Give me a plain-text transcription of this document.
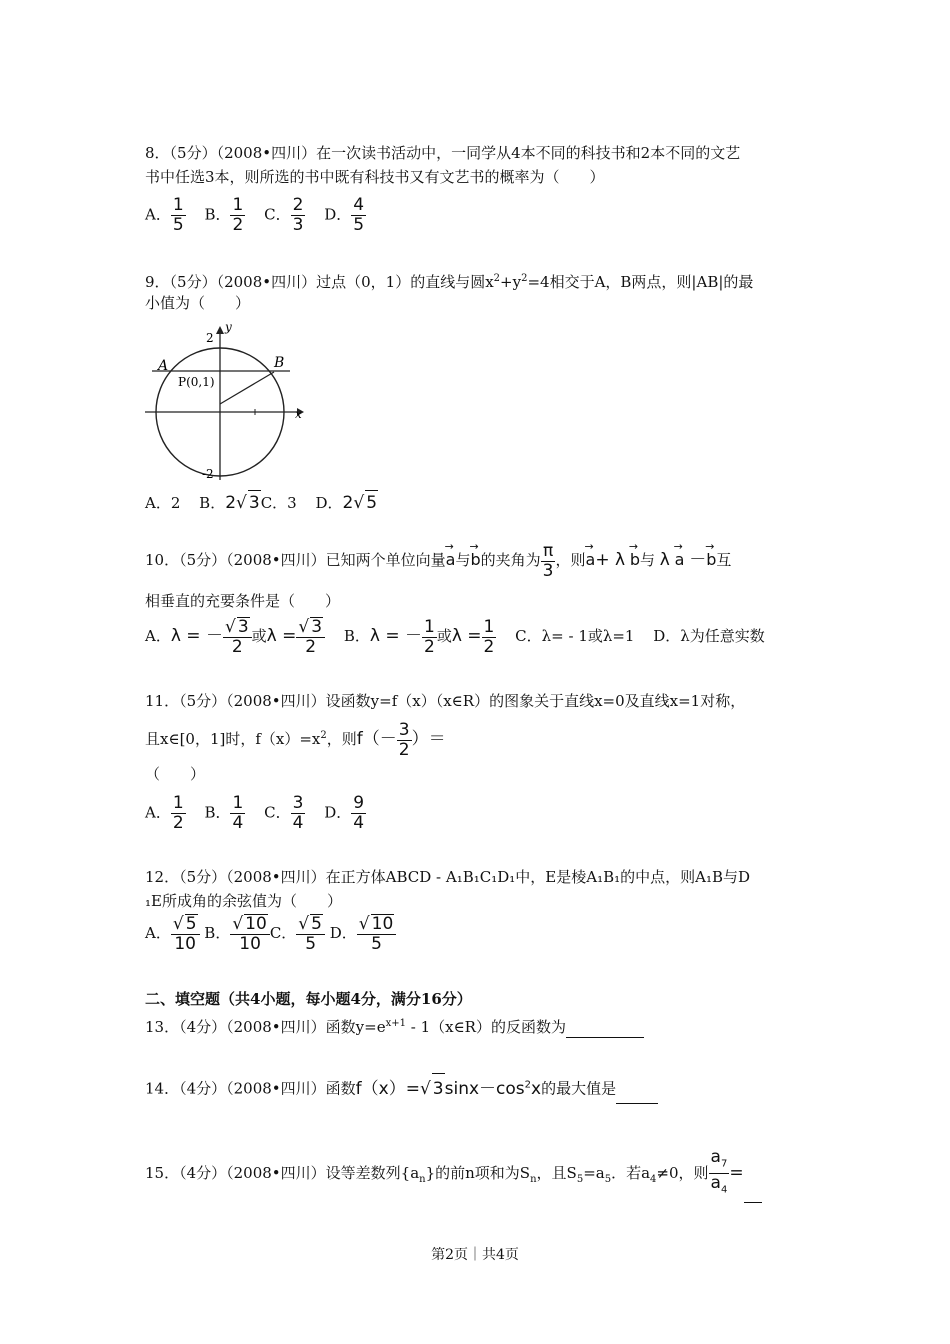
8．（5分）（2008•四川）在一次读书活动中，一同学从4本不同的科技书和2本不同的文艺
书中任选3本，则所选的书中既有科技书又有文艺书的概率为（　　）
A． $\frac{1}{5}$ B． $\frac{1}{2}$ C． $\frac{2}{3}$ D． $\frac{4}{5}$
9．（5分）（2008•四川）过点（0，1）的直线与圆$x^2+y^2=4$相交于A，B两点，则|AB|的最
小值为（　　）
A	B
P(0,1)
y
x
2
-2
A．2 B．2√ 3C．3 D．2√ 5
10．（5分）（2008•四川）已知两个单位向量→ a与→ b的夹角为 $\frac{\pi}{3}$ ，则→ a+ λ → b与 λ → a －→ b互
相垂直的充要条件是（　　）
A．λ = － $\frac{√ 3}{2}$ 或$\lambda = \frac{√ 3}{2}$ B．λ = － $\frac{1}{2}$ 或$\lambda = \frac{1}{2}$ C．λ= - 1或λ=1 D．λ为任意实数
11．（5分）（2008•四川）设函数y=f（x）（x∈R）的图象关于直线x=0及直线x=1对称，
且x∈[0，1]时，$f(x)=x^2$，则$f(- \frac{3}{2}$ ）＝
（　　）
A． $\frac{1}{2}$ B． $\frac{1}{4}$ C． $\frac{3}{4}$ D． $\frac{9}{4}$
12．（5分）（2008•四川）在正方体ABCD - A₁B₁C₁D₁中，E是棱A₁B₁的中点，则A₁B与D
₁E所成角的余弦值为（　　）
A． $\frac{√ 5}{10}$ B． $\frac{√ 10}{10}$ C． $\frac{√ 5}{5}$ D． $\frac{√ 10}{5}$
二、填空题（共4小题，每小题4分，满分16分）
13．（4分）（2008•四川）函数$y=e^{x+1}$ - 1（x∈R）的反函数为
14．（4分）（2008•四川）函数f（x）=√ $3\sin x-\cos^2x$的最大值是
15．（4分）（2008•四川）设等差数列$\{a_n\}$的前n项和为$S_n$，且$S_5=a_5$．若$a_4\ne 0$，则 $\frac{a_7}{a_4}$ =
第2页｜共4页
